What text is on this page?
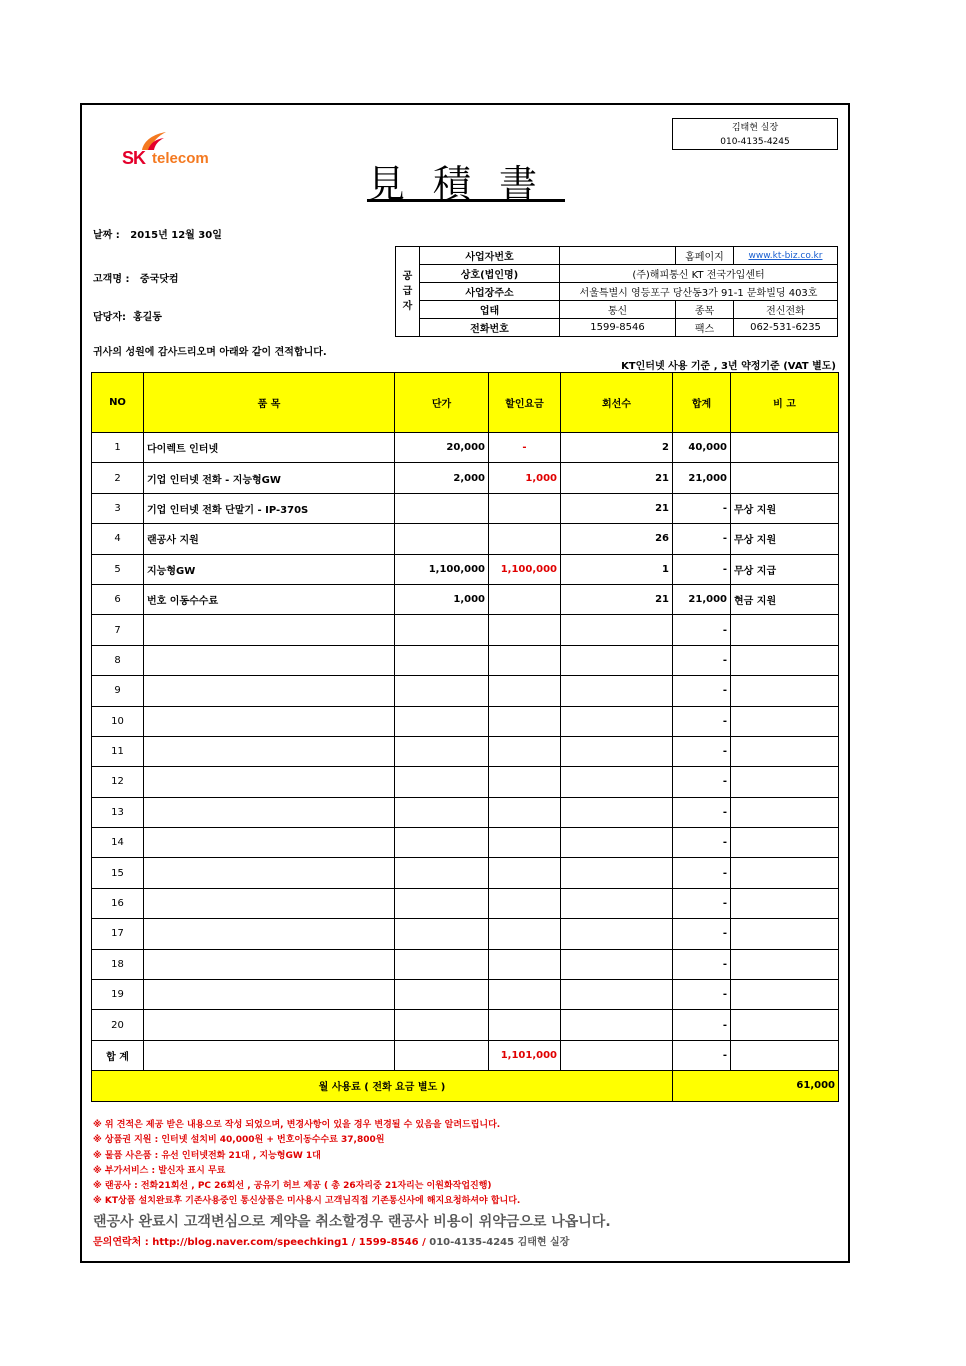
김태현 실장
010-4135-4245
SK telecom
見積書
날짜 : 2015년 12월 30일
고객명 : 중국닷컴
담당자: 홍길동
귀사의 성원에 감사드리오며 아래와 같이 견적합니다.
공
급
자	사업자번호		홈페이지	www.kt-biz.co.kr
	상호(법인명)	(주)해피통신 KT 전국가입센터		
	사업장주소	서울특별시 영등포구 당산동3가 91-1 문화빌딩 403호		
	업태	통신	종목	전신전화
	전화번호	1599-8546	팩스	062-531-6235
KT인터넷 사용 기준 , 3년 약정기준 (VAT 별도)
NO	품 목	단가	할인요금	회선수	합계	비 고
1	다이렉트 인터넷	20,000	-	2	40,000	
2	기업 인터넷 전화 - 지능형GW	2,000	1,000	21	21,000	
3	기업 인터넷 전화 단말기 - IP-370S			21	-	무상 지원
4	랜공사 지원			26	-	무상 지원
5	지능형GW	1,100,000	1,100,000	1	-	무상 지급
6	번호 이동수수료	1,000		21	21,000	현금 지원
7					-	
8					-	
9					-	
10					-	
11					-	
12					-	
13					-	
14					-	
15					-	
16					-	
17					-	
18					-	
19					-	
20					-	
합 계			1,101,000		-	
월 사용료 ( 전화 요금 별도 )					61,000	
※ 위 견적은 제공 받은 내용으로 작성 되었으며, 변경사항이 있을 경우 변경될 수 있음을 알려드립니다.
※ 상품권 지원 : 인터넷 설치비 40,000원 + 번호이동수수료 37,800원
※ 물품 사은품 : 유선 인터넷전화 21대 , 지능형GW 1대
※ 부가서비스 : 발신자 표시 무료
※ 랜공사 : 전화21회선 , PC 26회선 , 공유기 허브 제공 ( 총 26자리중 21자리는 이원화작업진행)
※ KT상품 설치완료후 기존사용중인 통신상품은 미사용시 고객님직접 기존통신사에 해지요청하셔야 합니다.
랜공사 완료시 고객변심으로 계약을 취소할경우 랜공사 비용이 위약금으로 나옵니다.
문의연락처 : http://blog.naver.com/speechking1 / 1599-8546 / 010-4135-4245 김태현 실장
